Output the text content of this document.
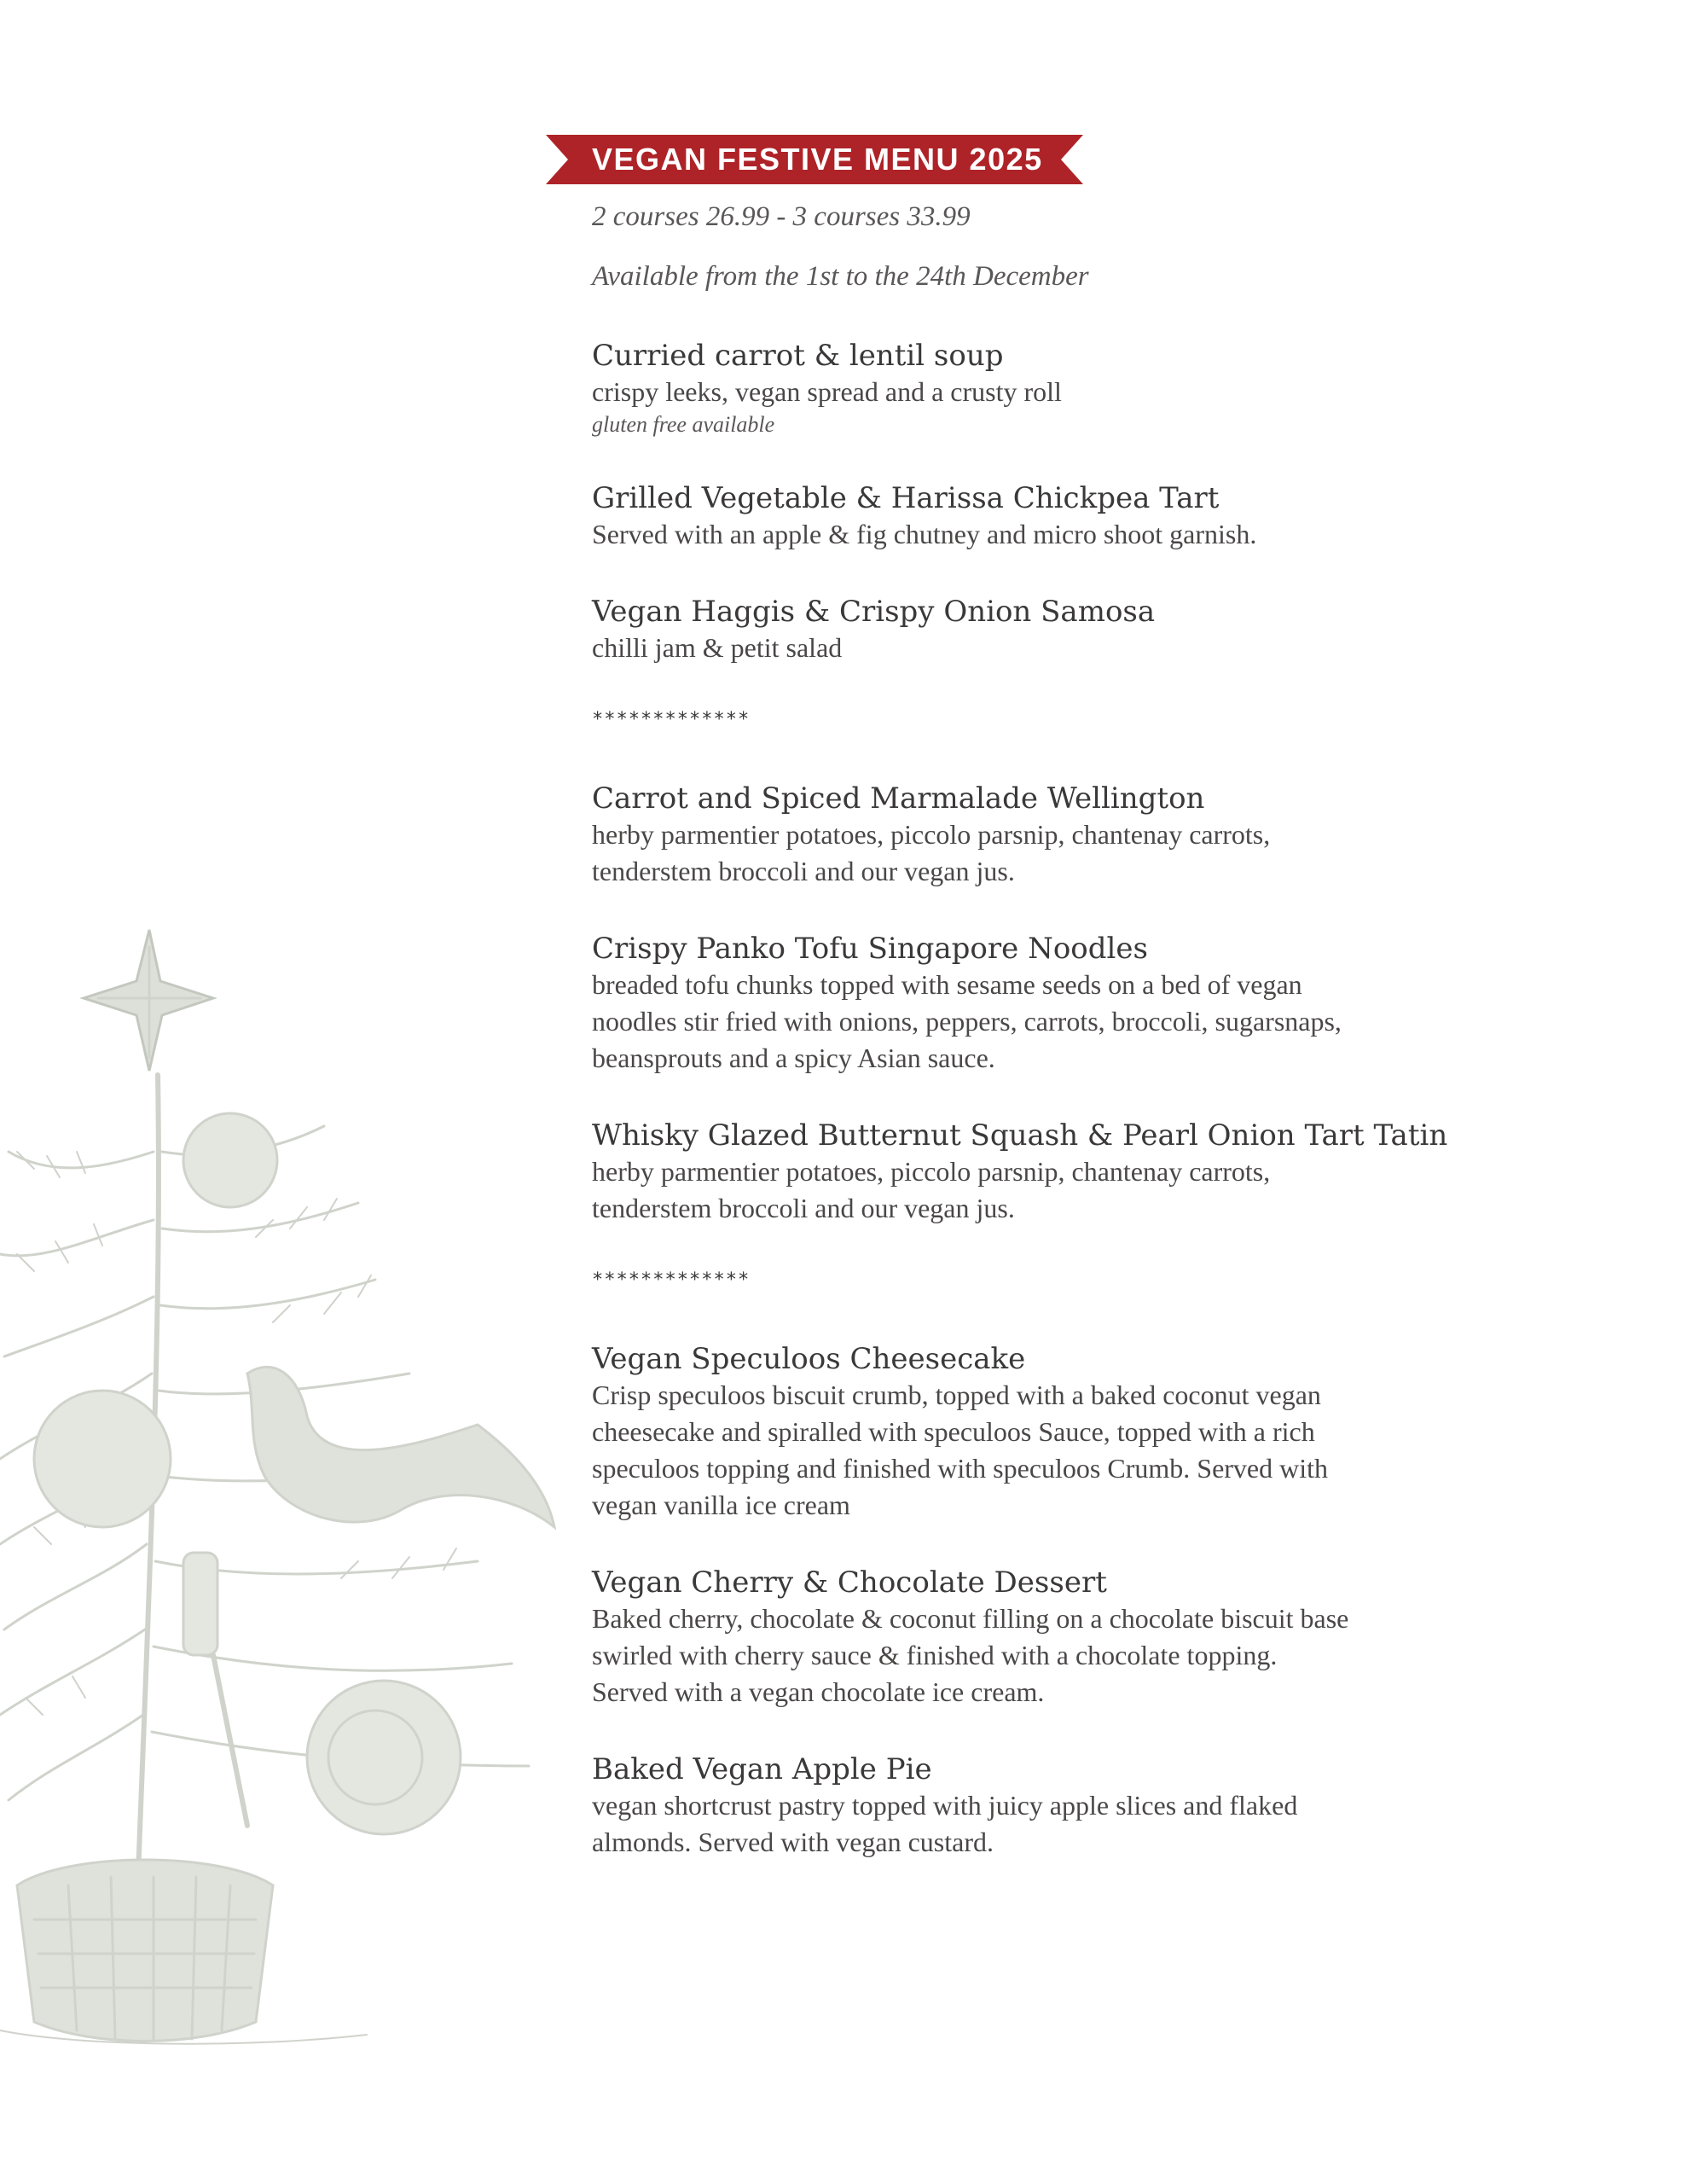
VEGAN FESTIVE MENU 2025
2 courses 26.99 - 3 courses 33.99
Available from the 1st to the 24th December
Curried carrot & lentil soup
crispy leeks, vegan spread and a crusty roll
gluten free available
Grilled Vegetable & Harissa Chickpea Tart
Served with an apple & fig chutney and micro shoot garnish.
Vegan Haggis & Crispy Onion Samosa
chilli jam & petit salad
*************
Carrot and Spiced Marmalade Wellington
herby parmentier potatoes, piccolo parsnip, chantenay carrots,
tenderstem broccoli and our vegan jus.
Crispy Panko Tofu Singapore Noodles
breaded tofu chunks topped with sesame seeds on a bed of vegan
noodles stir fried with onions, peppers, carrots, broccoli, sugarsnaps,
beansprouts and a spicy Asian sauce.
Whisky Glazed Butternut Squash & Pearl Onion Tart Tatin
herby parmentier potatoes, piccolo parsnip, chantenay carrots,
tenderstem broccoli and our vegan jus.
*************
Vegan Speculoos Cheesecake
Crisp speculoos biscuit crumb, topped with a baked coconut vegan
cheesecake and spiralled with speculoos Sauce, topped with a rich
speculoos topping and finished with speculoos Crumb. Served with
vegan vanilla ice cream
Vegan Cherry & Chocolate Dessert
Baked cherry, chocolate & coconut filling on a chocolate biscuit base
swirled with cherry sauce & finished with a chocolate topping.
Served with a vegan chocolate ice cream.
Baked Vegan Apple Pie
vegan shortcrust pastry topped with juicy apple slices and flaked
almonds. Served with vegan custard.
